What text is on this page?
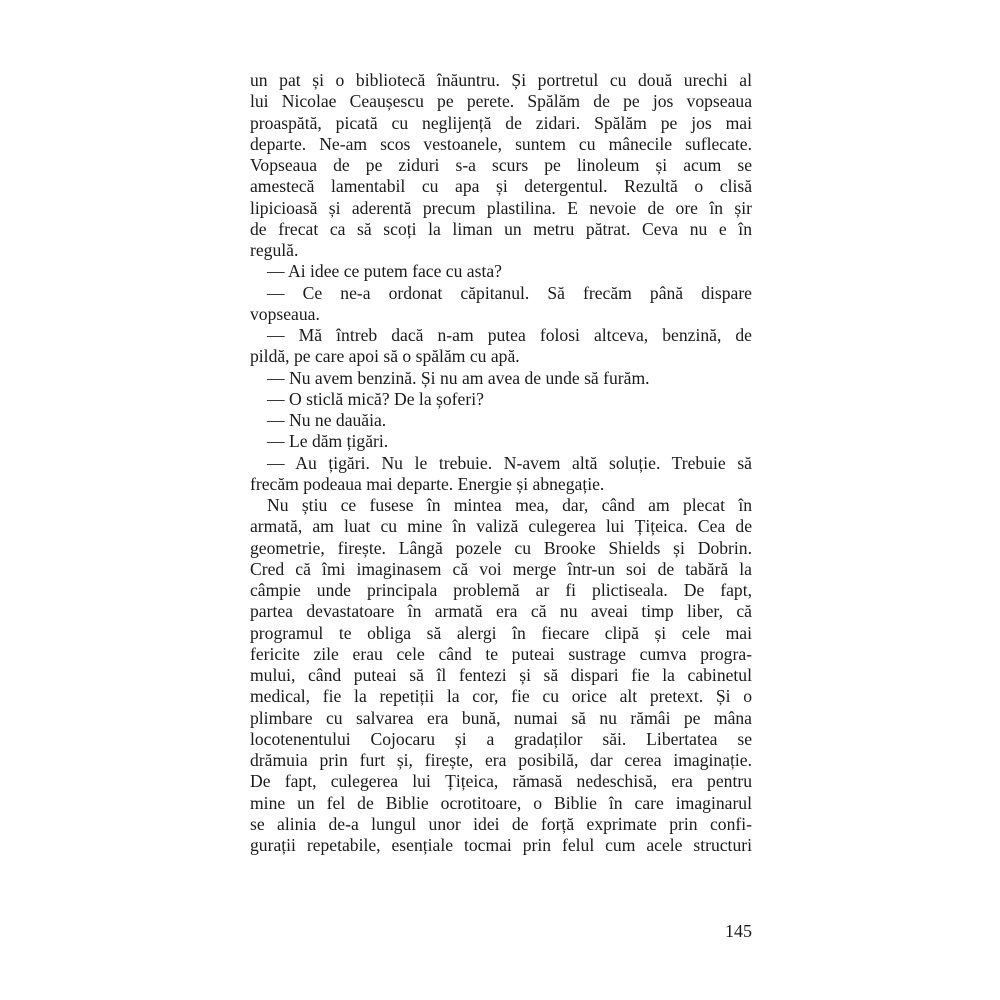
un pat și o bibliotecă înăuntru. Și portretul cu două urechi al
lui Nicolae Ceaușescu pe perete. Spălăm de pe jos vopseaua
proaspătă, picată cu neglijență de zidari. Spălăm pe jos mai
departe. Ne-am scos vestoanele, suntem cu mânecile suflecate.
Vopseaua de pe ziduri s-a scurs pe linoleum și acum se
amestecă lamentabil cu apa și detergentul. Rezultă o clisă
lipicioasă și aderentă precum plastilina. E nevoie de ore în șir
de frecat ca să scoți la liman un metru pătrat. Ceva nu e în
regulă.
— Ai idee ce putem face cu asta?
— Ce ne-a ordonat căpitanul. Să frecăm până dispare
vopseaua.
— Mă întreb dacă n-am putea folosi altceva, benzină, de
pildă, pe care apoi să o spălăm cu apă.
— Nu avem benzină. Și nu am avea de unde să furăm.
— O sticlă mică? De la șoferi?
— Nu ne dauăia.
— Le dăm țigări.
— Au țigări. Nu le trebuie. N-avem altă soluție. Trebuie să
frecăm podeaua mai departe. Energie și abnegație.
Nu știu ce fusese în mintea mea, dar, când am plecat în
armată, am luat cu mine în valiză culegerea lui Țițeica. Cea de
geometrie, firește. Lângă pozele cu Brooke Shields și Dobrin.
Cred că îmi imaginasem că voi merge într-un soi de tabără la
câmpie unde principala problemă ar fi plictiseala. De fapt,
partea devastatoare în armată era că nu aveai timp liber, că
programul te obliga să alergi în fiecare clipă și cele mai
fericite zile erau cele când te puteai sustrage cumva progra-
mului, când puteai să îl fentezi și să dispari fie la cabinetul
medical, fie la repetiții la cor, fie cu orice alt pretext. Și o
plimbare cu salvarea era bună, numai să nu rămâi pe mâna
locotenentului Cojocaru și a gradaților săi. Libertatea se
drămuia prin furt și, firește, era posibilă, dar cerea imaginație.
De fapt, culegerea lui Țițeica, rămasă nedeschisă, era pentru
mine un fel de Biblie ocrotitoare, o Biblie în care imaginarul
se alinia de-a lungul unor idei de forță exprimate prin confi-
gurații repetabile, esențiale tocmai prin felul cum acele structuri
145
